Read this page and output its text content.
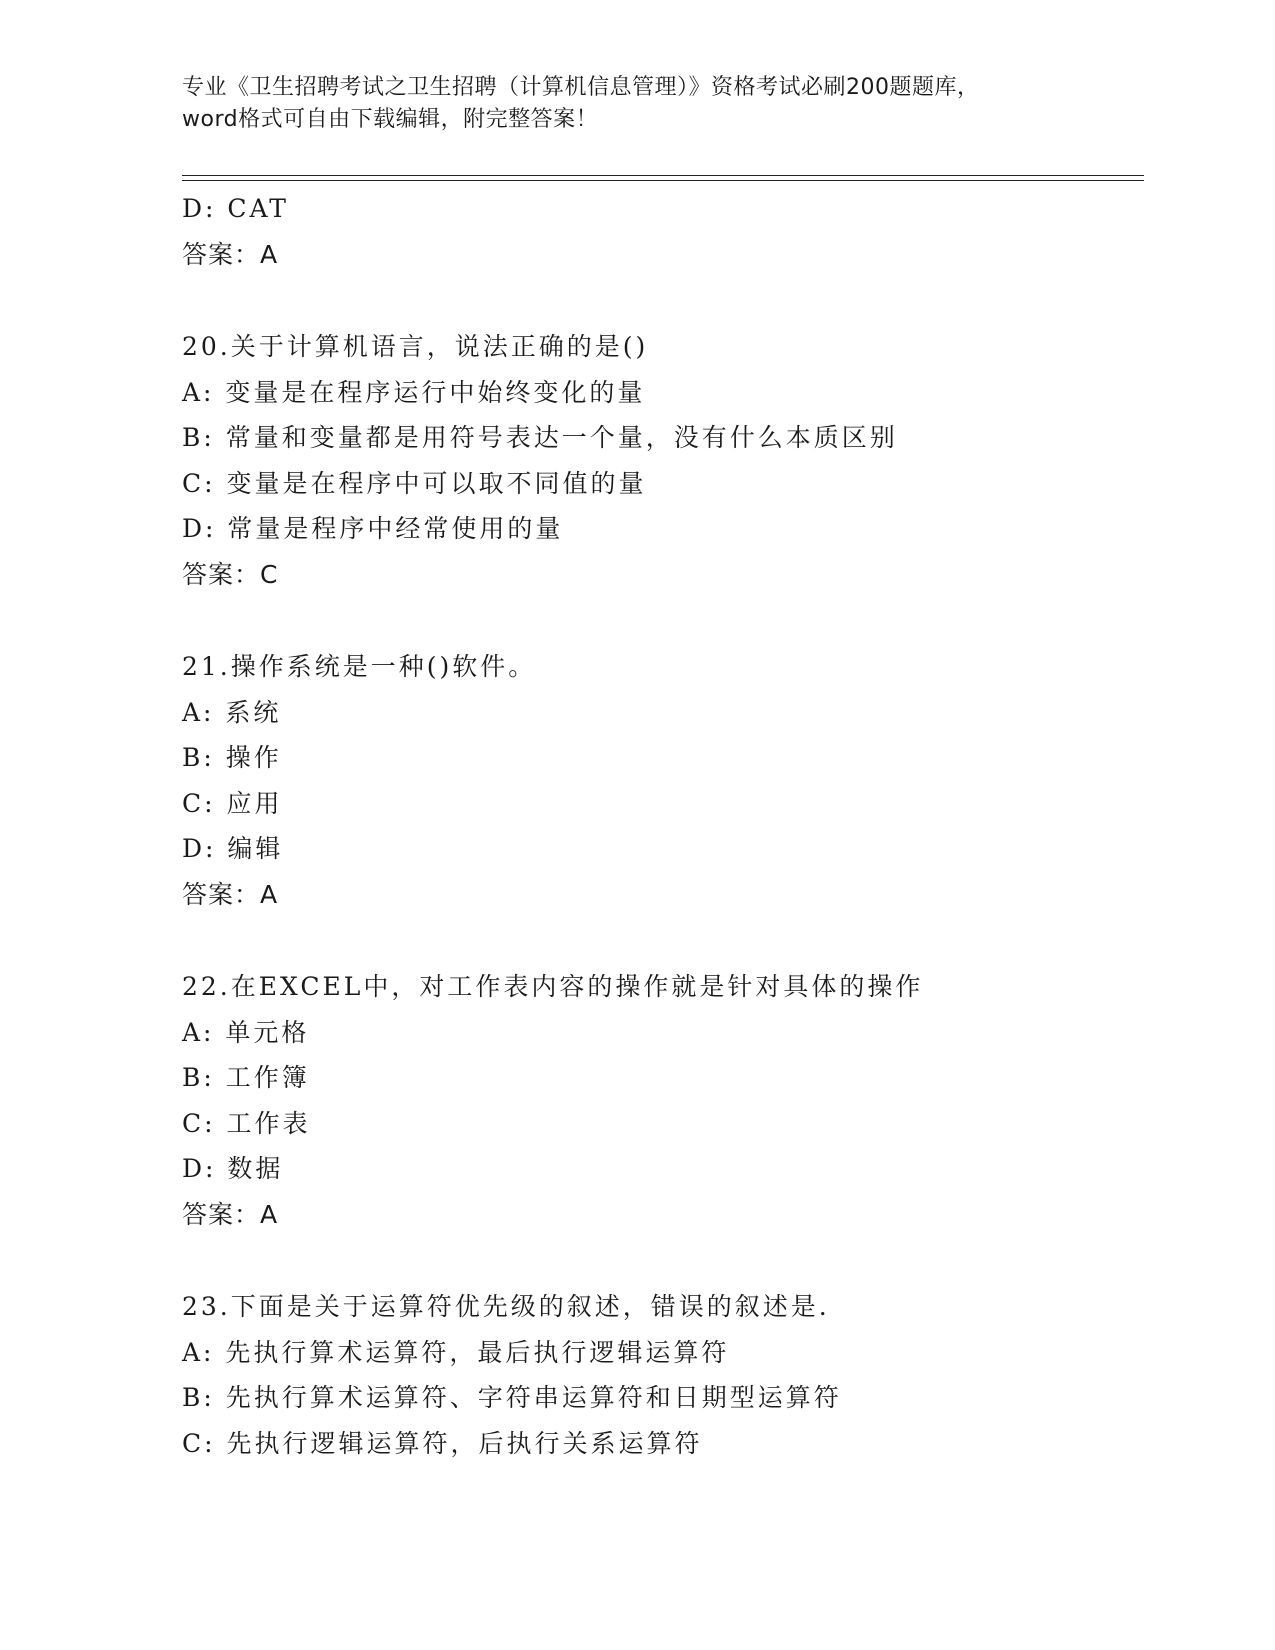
专业《卫生招聘考试之卫生招聘（计算机信息管理）》资格考试必刷200题题库，
word格式可自由下载编辑，附完整答案！
D: CAT
答案：A
20.关于计算机语言，说法正确的是()
A: 变量是在程序运行中始终变化的量
B: 常量和变量都是用符号表达一个量，没有什么本质区别
C: 变量是在程序中可以取不同值的量
D: 常量是程序中经常使用的量
答案：C
21.操作系统是一种()软件。
A: 系统
B: 操作
C: 应用
D: 编辑
答案：A
22.在EXCEL中，对工作表内容的操作就是针对具体的操作
A: 单元格
B: 工作簿
C: 工作表
D: 数据
答案：A
23.下面是关于运算符优先级的叙述，错误的叙述是.
A: 先执行算术运算符，最后执行逻辑运算符
B: 先执行算术运算符、字符串运算符和日期型运算符
C: 先执行逻辑运算符，后执行关系运算符
